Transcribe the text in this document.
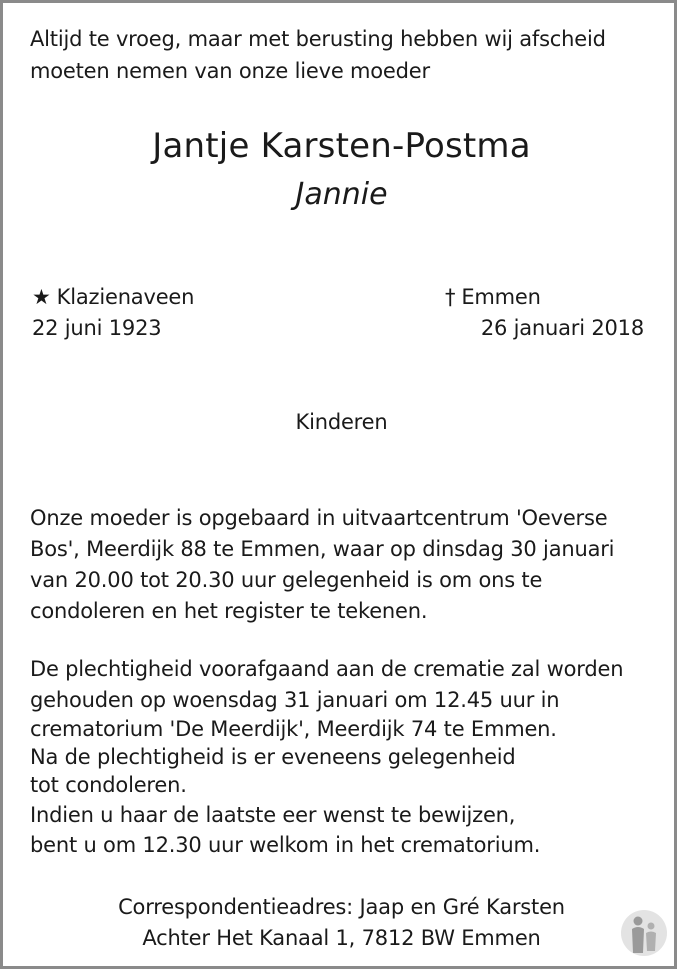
Altijd te vroeg, maar met berusting hebben wij afscheid
moeten nemen van onze lieve moeder
Jantje Karsten-Postma
Jannie
★ Klazienaveen
22 juni 1923
† Emmen
26 januari 2018
Kinderen
Onze moeder is opgebaard in uitvaartcentrum 'Oeverse
Bos', Meerdijk 88 te Emmen, waar op dinsdag 30 januari
van 20.00 tot 20.30 uur gelegenheid is om ons te
condoleren en het register te tekenen.
De plechtigheid voorafgaand aan de crematie zal worden
gehouden op woensdag 31 januari om 12.45 uur in
crematorium 'De Meerdijk', Meerdijk 74 te Emmen.
Na de plechtigheid is er eveneens gelegenheid
tot condoleren.
Indien u haar de laatste eer wenst te bewijzen,
bent u om 12.30 uur welkom in het crematorium.
Correspondentieadres: Jaap en Gré Karsten
Achter Het Kanaal 1, 7812 BW Emmen
